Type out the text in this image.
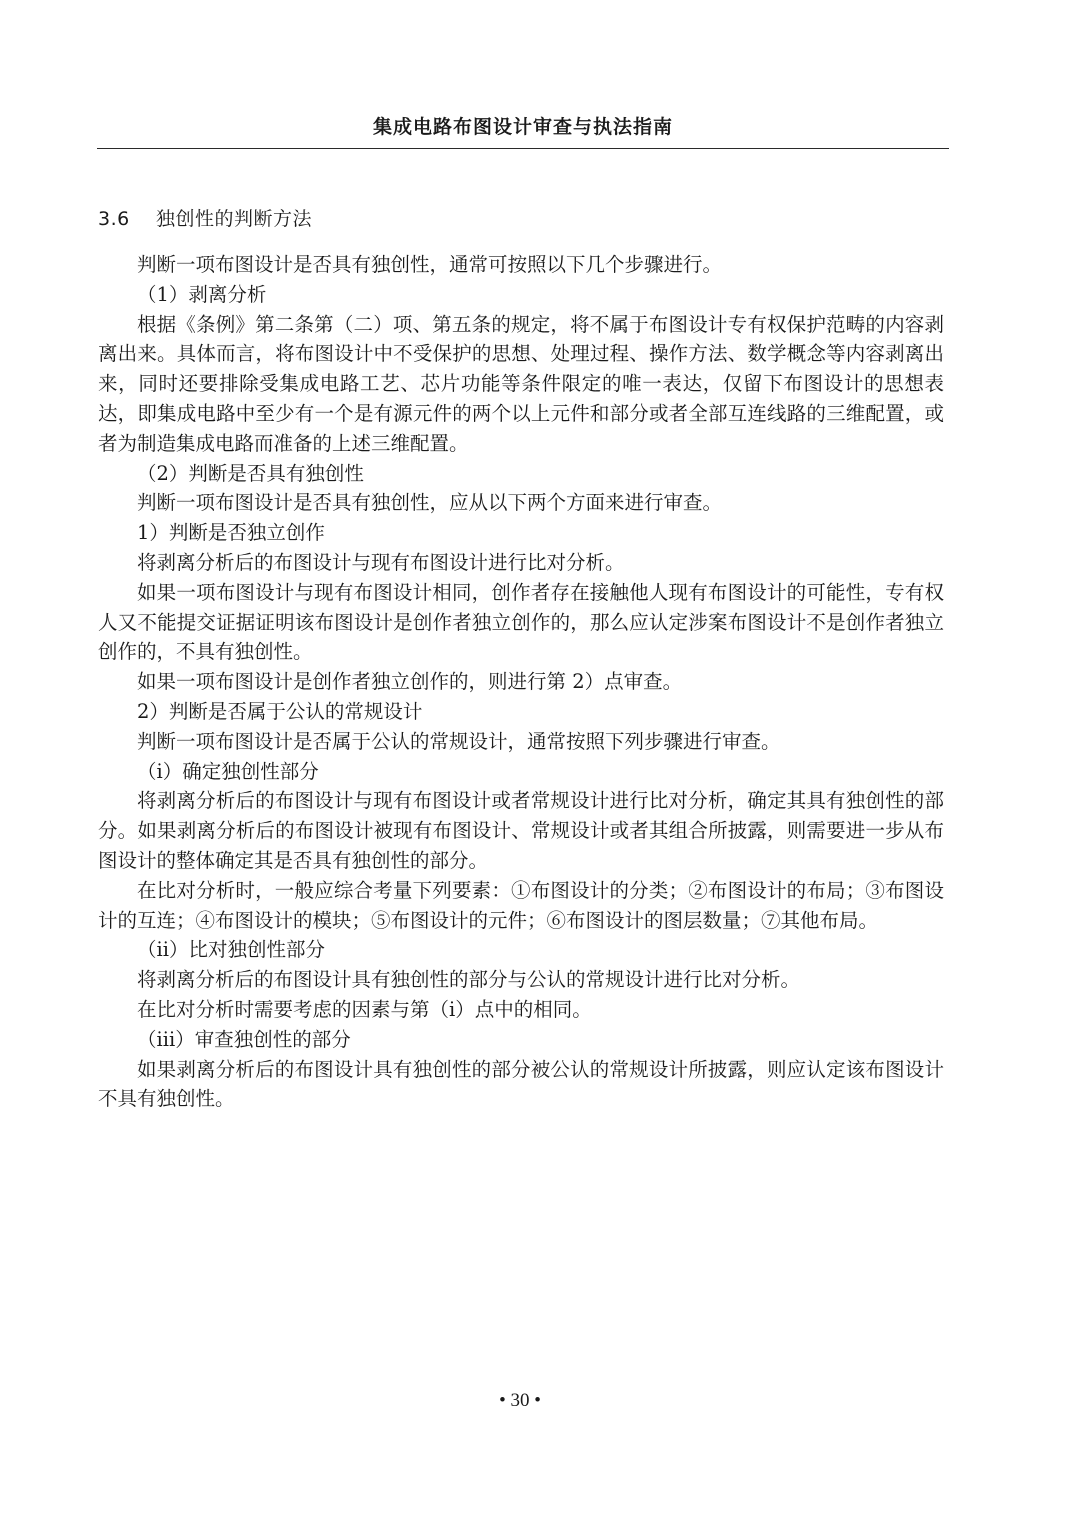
集成电路布图设计审查与执法指南
3.6 独创性的判断方法

判断一项布图设计是否具有独创性，通常可按照以下几个步骤进行。

（1）剥离分析

根据《条例》第二条第（二）项、第五条的规定，将不属于布图设计专有权保护范畴的内容剥离出来。具体而言，将布图设计中不受保护的思想、处理过程、操作方法、数学概念等内容剥离出来，同时还要排除受集成电路工艺、芯片功能等条件限定的唯一表达，仅留下布图设计的思想表达，即集成电路中至少有一个是有源元件的两个以上元件和部分或者全部互连线路的三维配置，或者为制造集成电路而准备的上述三维配置。

（2）判断是否具有独创性

判断一项布图设计是否具有独创性，应从以下两个方面来进行审查。

1）判断是否独立创作

将剥离分析后的布图设计与现有布图设计进行比对分析。

如果一项布图设计与现有布图设计相同，创作者存在接触他人现有布图设计的可能性，专有权人又不能提交证据证明该布图设计是创作者独立创作的，那么应认定涉案布图设计不是创作者独立创作的，不具有独创性。

如果一项布图设计是创作者独立创作的，则进行第 2）点审查。

2）判断是否属于公认的常规设计

判断一项布图设计是否属于公认的常规设计，通常按照下列步骤进行审查。

（i）确定独创性部分

将剥离分析后的布图设计与现有布图设计或者常规设计进行比对分析，确定其具有独创性的部分。如果剥离分析后的布图设计被现有布图设计、常规设计或者其组合所披露，则需要进一步从布图设计的整体确定其是否具有独创性的部分。

在比对分析时，一般应综合考量下列要素：①布图设计的分类；②布图设计的布局；③布图设计的互连；④布图设计的模块；⑤布图设计的元件；⑥布图设计的图层数量；⑦其他布局。

（ii）比对独创性部分

将剥离分析后的布图设计具有独创性的部分与公认的常规设计进行比对分析。

在比对分析时需要考虑的因素与第（i）点中的相同。

（iii）审查独创性的部分

如果剥离分析后的布图设计具有独创性的部分被公认的常规设计所披露，则应认定该布图设计不具有独创性。

• 30 •
